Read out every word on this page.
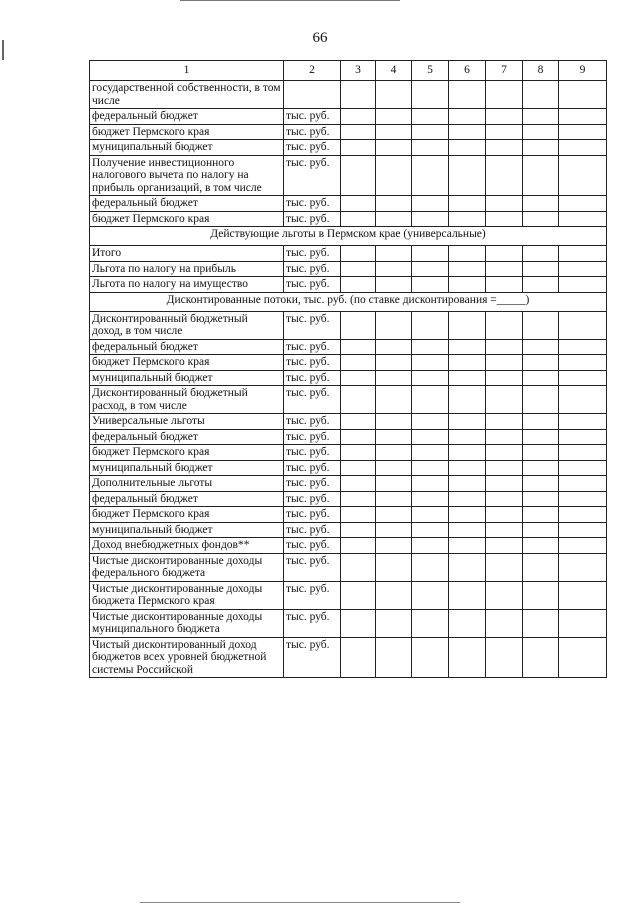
66
1	2	3	4	5	6	7	8	9
государственной собственности, в том числе								
федеральный бюджет	тыс. руб.							
бюджет Пермского края	тыс. руб.							
муниципальный бюджет	тыс. руб.							
Получение инвестиционного налогового вычета по налогу на прибыль организаций, в том числе	тыс. руб.							
федеральный бюджет	тыс. руб.							
бюджет Пермского края	тыс. руб.							
Действующие льготы в Пермском крае (универсальные)								
Итого	тыс. руб.							
Льгота по налогу на прибыль	тыс. руб.							
Льгота по налогу на имущество	тыс. руб.							
Дисконтированные потоки, тыс. руб. (по ставке дисконтирования =_____)								
Дисконтированный бюджетный доход, в том числе	тыс. руб.							
федеральный бюджет	тыс. руб.							
бюджет Пермского края	тыс. руб.							
муниципальный бюджет	тыс. руб.							
Дисконтированный бюджетный расход, в том числе	тыс. руб.							
Универсальные льготы	тыс. руб.							
федеральный бюджет	тыс. руб.							
бюджет Пермского края	тыс. руб.							
муниципальный бюджет	тыс. руб.							
Дополнительные льготы	тыс. руб.							
федеральный бюджет	тыс. руб.							
бюджет Пермского края	тыс. руб.							
муниципальный бюджет	тыс. руб.							
Доход внебюджетных фондов**	тыс. руб.							
Чистые дисконтированные доходы федерального бюджета	тыс. руб.							
Чистые дисконтированные доходы бюджета Пермского края	тыс. руб.							
Чистые дисконтированные доходы муниципального бюджета	тыс. руб.							
Чистый дисконтированный доход бюджетов всех уровней бюджетной системы Российской	тыс. руб.							
